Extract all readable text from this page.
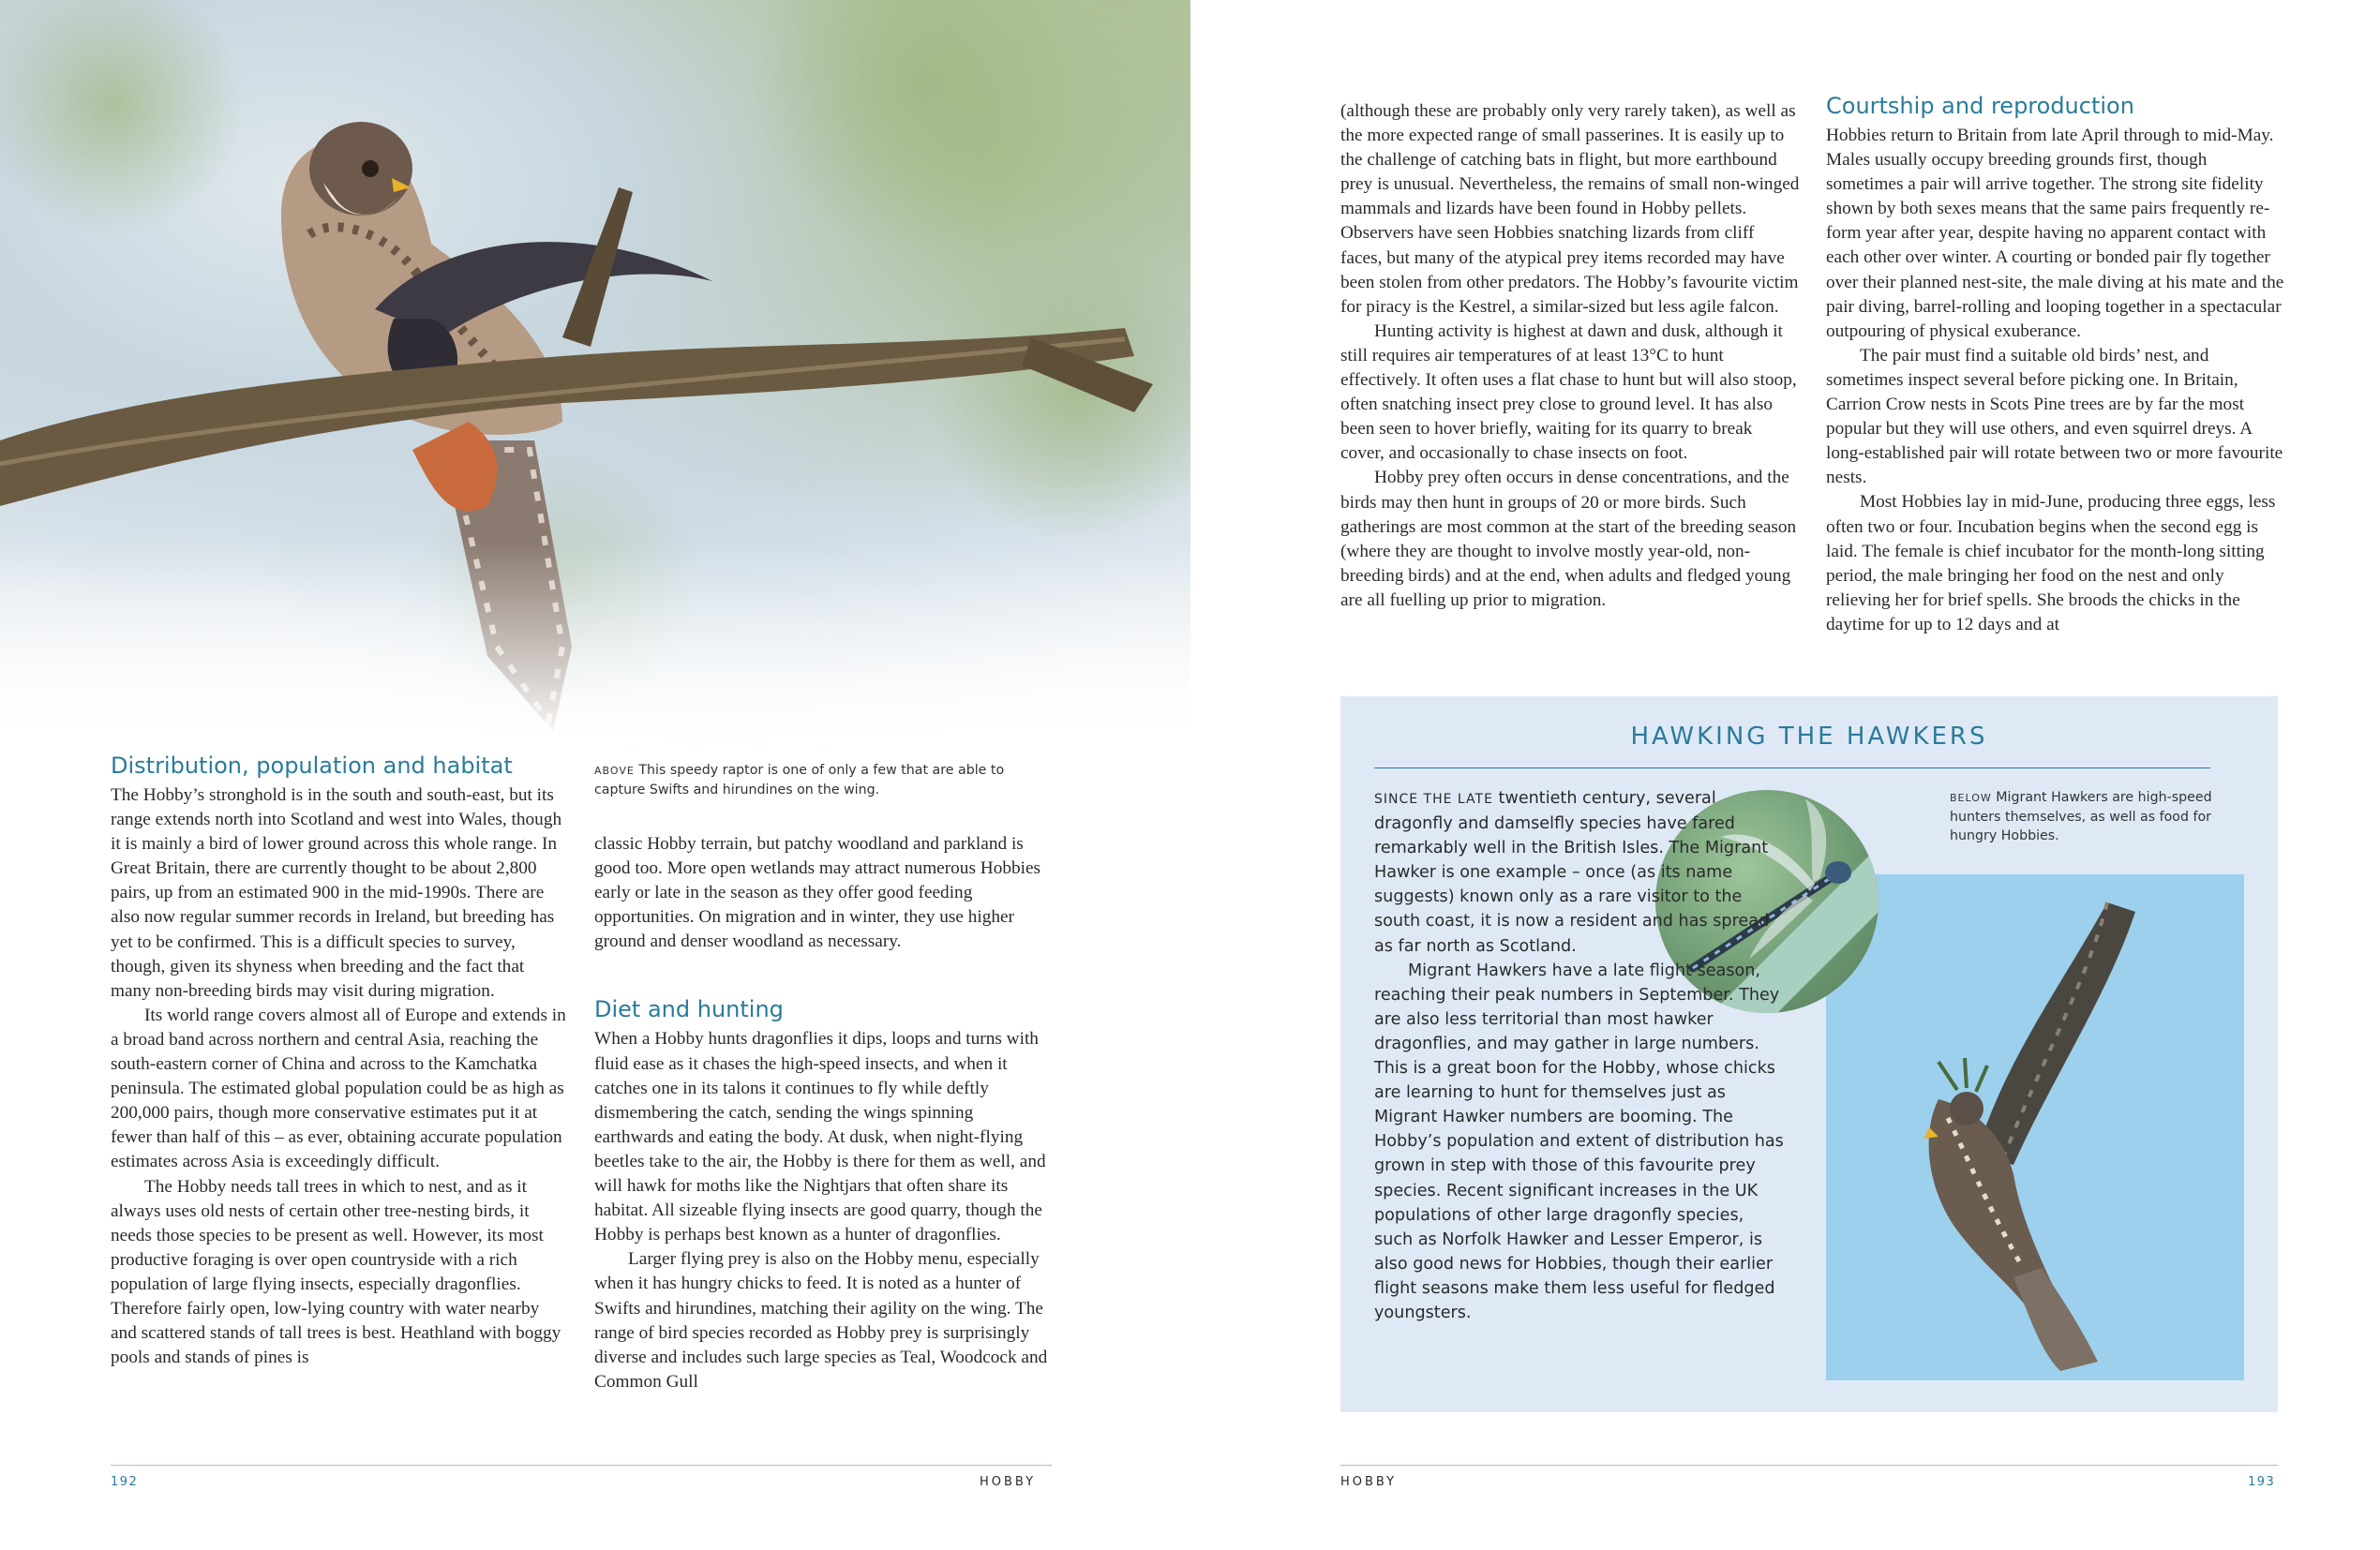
ABOVE This speedy raptor is one of only a few that are able to capture Swifts and hirundines on the wing.
Distribution, population and habitat

The Hobby’s stronghold is in the south and south-east, but its range extends north into Scotland and west into Wales, though it is mainly a bird of lower ground across this whole range. In Great Britain, there are currently thought to be about 2,800 pairs, up from an estimated 900 in the mid-1990s. There are also now regular summer records in Ireland, but breeding has yet to be confirmed. This is a difficult species to survey, though, given its shyness when breeding and the fact that many non-breeding birds may visit during migration.

Its world range covers almost all of Europe and extends in a broad band across northern and central Asia, reaching the south-eastern corner of China and across to the Kamchatka peninsula. The estimated global population could be as high as 200,000 pairs, though more conservative estimates put it at fewer than half of this – as ever, obtaining accurate population estimates across Asia is exceedingly difficult.

The Hobby needs tall trees in which to nest, and as it always uses old nests of certain other tree-nesting birds, it needs those species to be present as well. However, its most productive foraging is over open countryside with a rich population of large flying insects, especially dragonflies. Therefore fairly open, low-lying country with water nearby and scattered stands of tall trees is best. Heathland with boggy pools and stands of pines is

classic Hobby terrain, but patchy woodland and parkland is good too. More open wetlands may attract numerous Hobbies early or late in the season as they offer good feeding opportunities. On migration and in winter, they use higher ground and denser woodland as necessary.

Diet and hunting

When a Hobby hunts dragonflies it dips, loops and turns with fluid ease as it chases the high-speed insects, and when it catches one in its talons it continues to fly while deftly dismembering the catch, sending the wings spinning earthwards and eating the body. At dusk, when night-flying beetles take to the air, the Hobby is there for them as well, and will hawk for moths like the Nightjars that often share its habitat. All sizeable flying insects are good quarry, though the Hobby is perhaps best known as a hunter of dragonflies.

Larger flying prey is also on the Hobby menu, especially when it has hungry chicks to feed. It is noted as a hunter of Swifts and hirundines, matching their agility on the wing. The range of bird species recorded as Hobby prey is surprisingly diverse and includes such large species as Teal, Woodcock and Common Gull

192	HOBBY

(although these are probably only very rarely taken), as well as the more expected range of small passerines. It is easily up to the challenge of catching bats in flight, but more earthbound prey is unusual. Nevertheless, the remains of small non-winged mammals and lizards have been found in Hobby pellets. Observers have seen Hobbies snatching lizards from cliff faces, but many of the atypical prey items recorded may have been stolen from other predators. The Hobby’s favourite victim for piracy is the Kestrel, a similar-sized but less agile falcon.

Hunting activity is highest at dawn and dusk, although it still requires air temperatures of at least 13°C to hunt effectively. It often uses a flat chase to hunt but will also stoop, often snatching insect prey close to ground level. It has also been seen to hover briefly, waiting for its quarry to break cover, and occasionally to chase insects on foot.

Hobby prey often occurs in dense concentrations, and the birds may then hunt in groups of 20 or more birds. Such gatherings are most common at the start of the breeding season (where they are thought to involve mostly year-old, non-breeding birds) and at the end, when adults and fledged young are all fuelling up prior to migration.

Courtship and reproduction

Hobbies return to Britain from late April through to mid-May. Males usually occupy breeding grounds first, though sometimes a pair will arrive together. The strong site fidelity shown by both sexes means that the same pairs frequently re-form year after year, despite having no apparent contact with each other over winter. A courting or bonded pair fly together over their planned nest-site, the male diving at his mate and the pair diving, barrel-rolling and looping together in a spectacular outpouring of physical exuberance.

The pair must find a suitable old birds’ nest, and sometimes inspect several before picking one. In Britain, Carrion Crow nests in Scots Pine trees are by far the most popular but they will use others, and even squirrel dreys. A long-established pair will rotate between two or more favourite nests.

Most Hobbies lay in mid-June, producing three eggs, less often two or four. Incubation begins when the second egg is laid. The female is chief incubator for the month-long sitting period, the male bringing her food on the nest and only relieving her for brief spells. She broods the chicks in the daytime for up to 12 days and at

HAWKING THE HAWKERS
BELOW Migrant Hawkers are high-speed hunters themselves, as well as food for hungry Hobbies.

SINCE THE LATE twentieth century, several dragonfly and damselfly species have fared remarkably well in the British Isles. The Migrant Hawker is one example – once (as its name suggests) known only as a rare visitor to the south coast, it is now a resident and has spread as far north as Scotland.

Migrant Hawkers have a late flight season, reaching their peak numbers in September. They are also less territorial than most hawker dragonflies, and may gather in large numbers. This is a great boon for the Hobby, whose chicks are learning to hunt for themselves just as Migrant Hawker numbers are booming. The Hobby’s population and extent of distribution has grown in step with those of this favourite prey species. Recent significant increases in the UK populations of other large dragonfly species, such as Norfolk Hawker and Lesser Emperor, is also good news for Hobbies, though their earlier flight seasons make them less useful for fledged youngsters.

HOBBY	193
